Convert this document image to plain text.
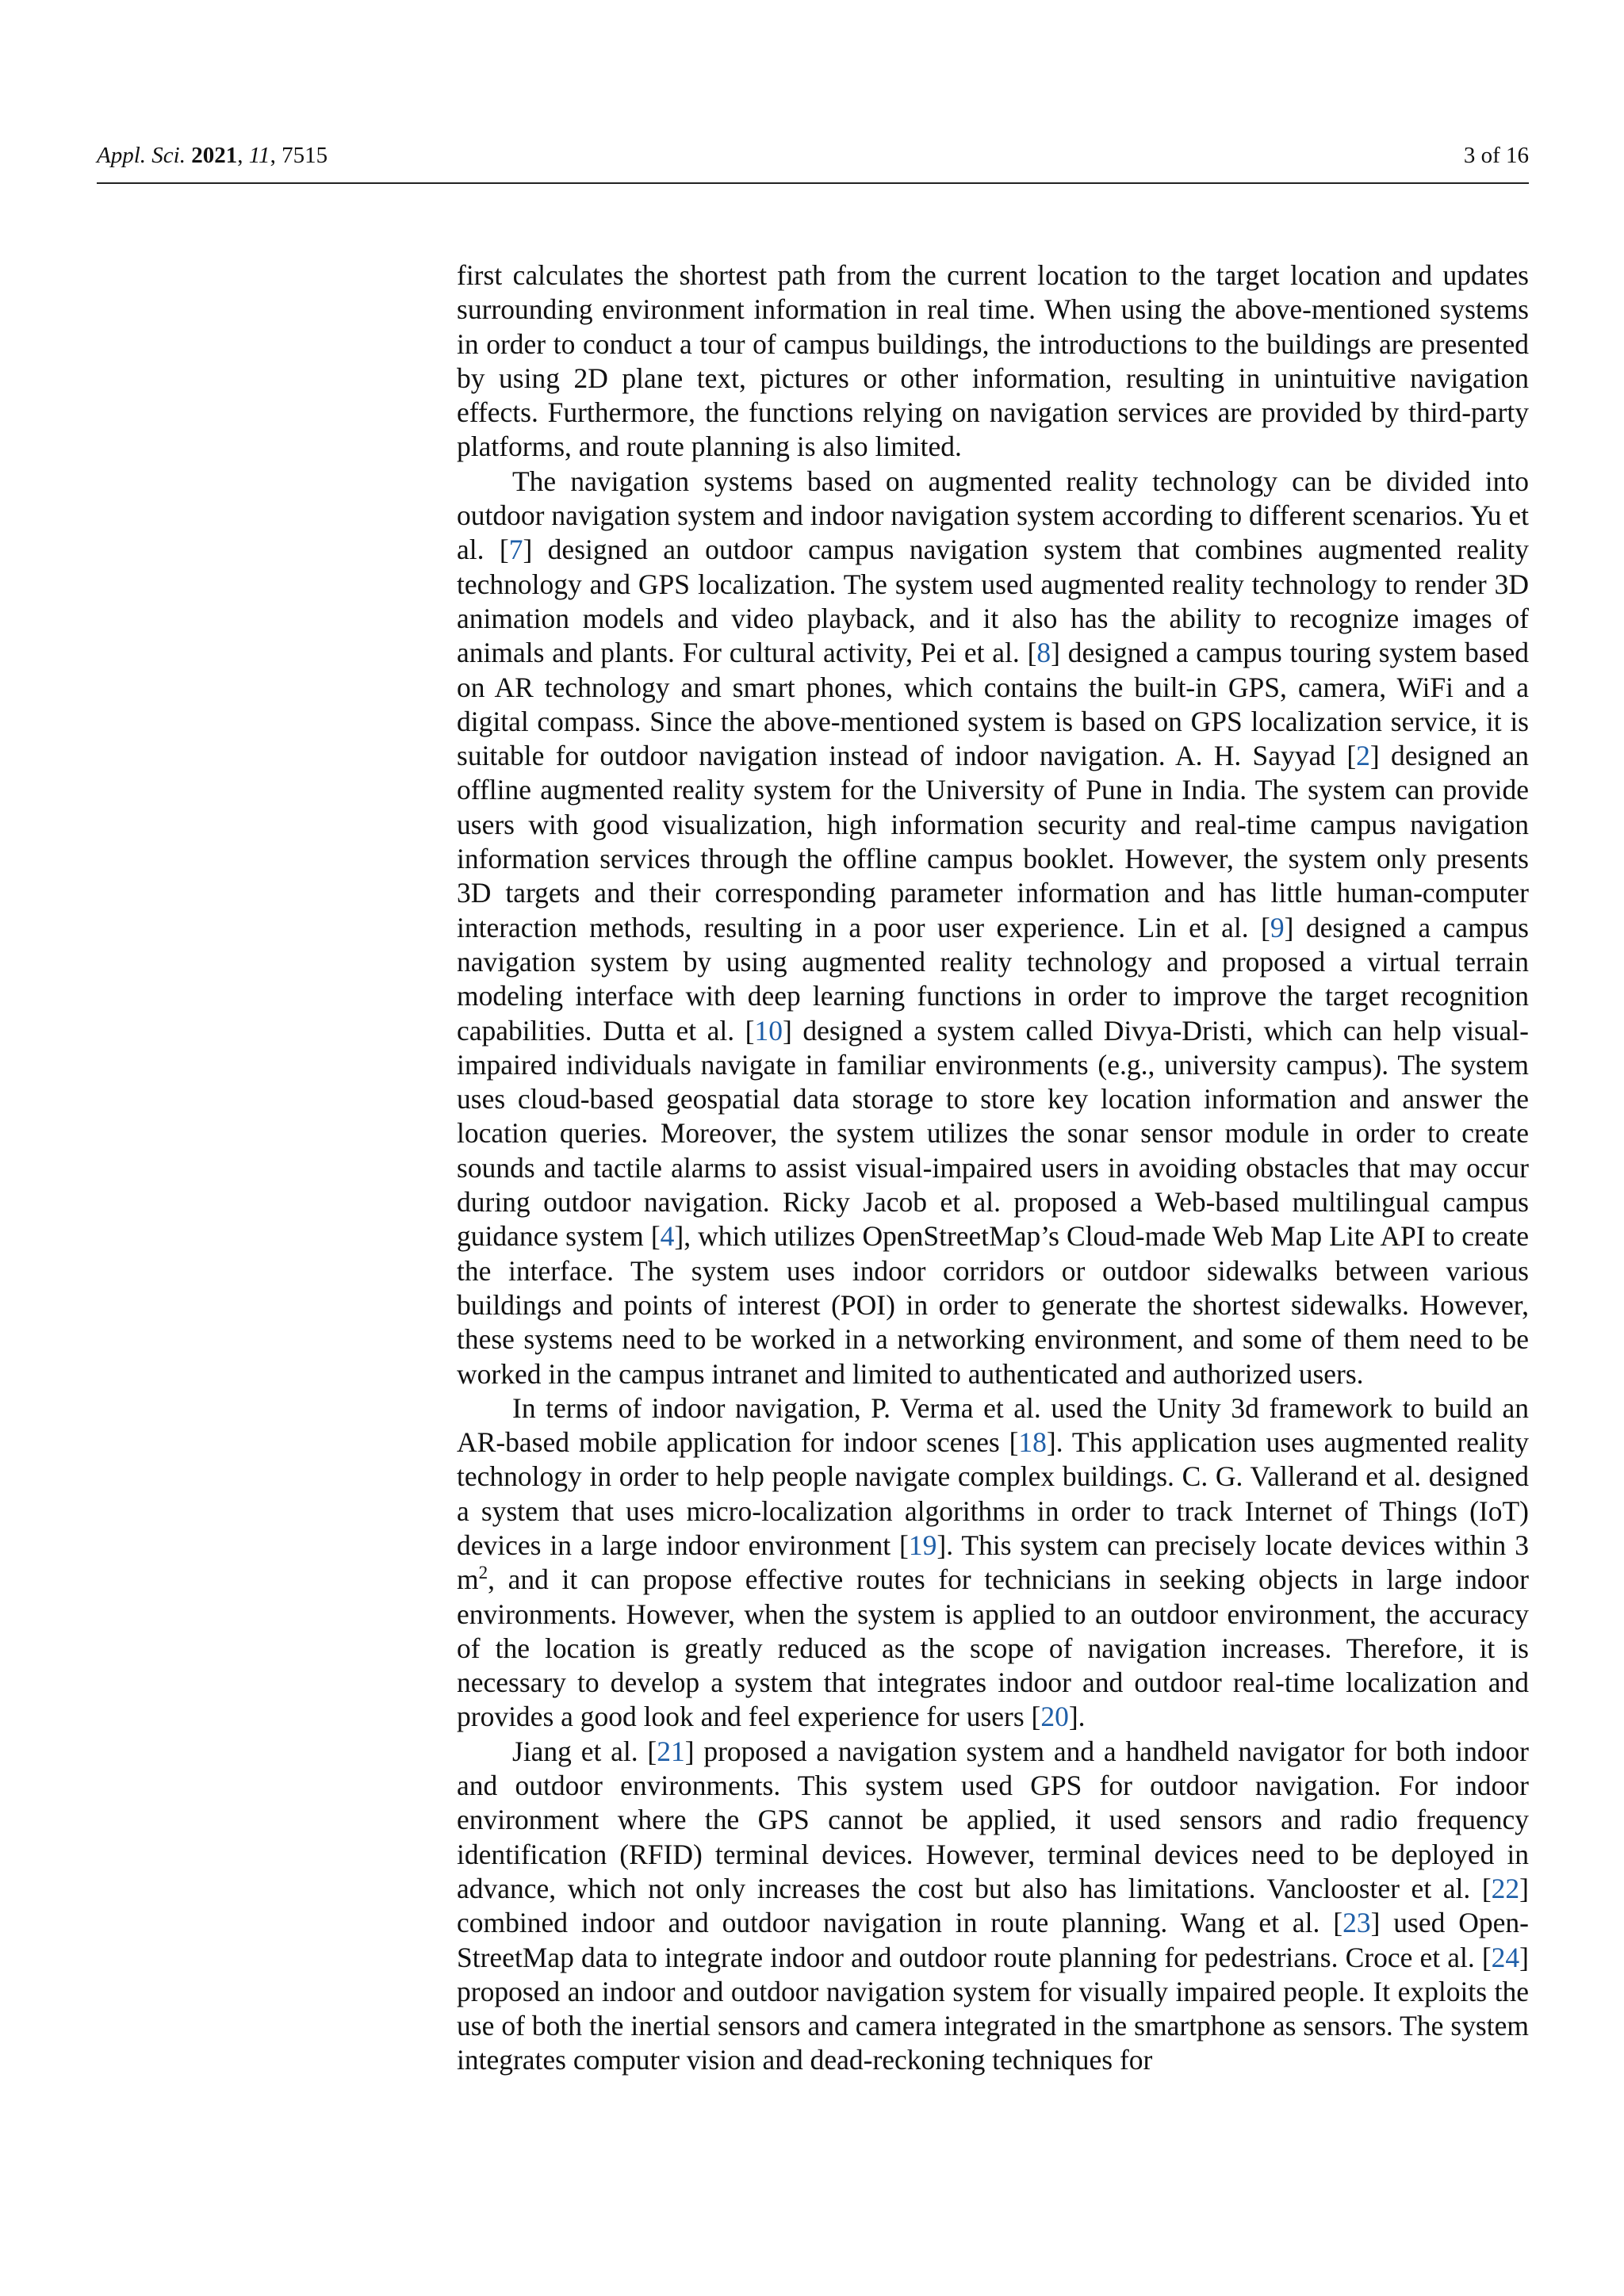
Appl. Sci. 2021, 11, 7515	3 of 16

first calculates the shortest path from the current location to the target location and updates surrounding environment information in real time. When using the above-mentioned systems in order to conduct a tour of campus buildings, the introductions to the buildings are presented by using 2D plane text, pictures or other information, resulting in unintuitive navigation effects. Furthermore, the functions relying on navigation services are provided by third-party platforms, and route planning is also limited.

The navigation systems based on augmented reality technology can be divided into outdoor navigation system and indoor navigation system according to different scenarios. Yu et al. [7] designed an outdoor campus navigation system that combines augmented reality technology and GPS localization. The system used augmented reality technology to render 3D animation models and video playback, and it also has the ability to recognize images of animals and plants. For cultural activity, Pei et al. [8] designed a campus touring system based on AR technology and smart phones, which contains the built-in GPS, camera, WiFi and a digital compass. Since the above-mentioned system is based on GPS localization service, it is suitable for outdoor navigation instead of indoor navigation. A. H. Sayyad [2] designed an offline augmented reality system for the University of Pune in India. The system can provide users with good visualization, high information security and real-time campus navigation information services through the offline campus booklet. However, the system only presents 3D targets and their corresponding parameter information and has little human-computer interaction methods, resulting in a poor user experience. Lin et al. [9] designed a campus navigation system by using augmented reality technology and proposed a virtual terrain modeling interface with deep learning functions in order to improve the target recognition capabilities. Dutta et al. [10] designed a system called Divya-Dristi, which can help visual-impaired individuals navigate in familiar environments (e.g., university campus). The system uses cloud-based geospatial data storage to store key location information and answer the location queries. Moreover, the system utilizes the sonar sensor module in order to create sounds and tactile alarms to assist visual-impaired users in avoiding obstacles that may occur during outdoor navigation. Ricky Jacob et al. proposed a Web-based multilingual campus guidance system [4], which utilizes OpenStreetMap’s Cloud-made Web Map Lite API to create the interface. The system uses indoor corridors or outdoor sidewalks between various buildings and points of interest (POI) in order to generate the shortest sidewalks. However, these systems need to be worked in a networking environment, and some of them need to be worked in the campus intranet and limited to authenticated and authorized users.

In terms of indoor navigation, P. Verma et al. used the Unity 3d framework to build an AR-based mobile application for indoor scenes [18]. This application uses augmented reality technology in order to help people navigate complex buildings. C. G. Vallerand et al. designed a system that uses micro-localization algorithms in order to track Internet of Things (IoT) devices in a large indoor environment [19]. This system can precisely locate devices within 3 $m^2$, and it can propose effective routes for technicians in seeking objects in large indoor environments. However, when the system is applied to an outdoor environment, the accuracy of the location is greatly reduced as the scope of navigation increases. Therefore, it is necessary to develop a system that integrates indoor and outdoor real-time localization and provides a good look and feel experience for users [20].

Jiang et al. [21] proposed a navigation system and a handheld navigator for both indoor and outdoor environments. This system used GPS for outdoor navigation. For indoor environment where the GPS cannot be applied, it used sensors and radio frequency identification (RFID) terminal devices. However, terminal devices need to be deployed in advance, which not only increases the cost but also has limitations. Vanclooster et al. [22] combined indoor and outdoor navigation in route planning. Wang et al. [23] used Open-StreetMap data to integrate indoor and outdoor route planning for pedestrians. Croce et al. [24] proposed an indoor and outdoor navigation system for visually impaired people. It exploits the use of both the inertial sensors and camera integrated in the smartphone as sensors. The system integrates computer vision and dead-reckoning techniques for
